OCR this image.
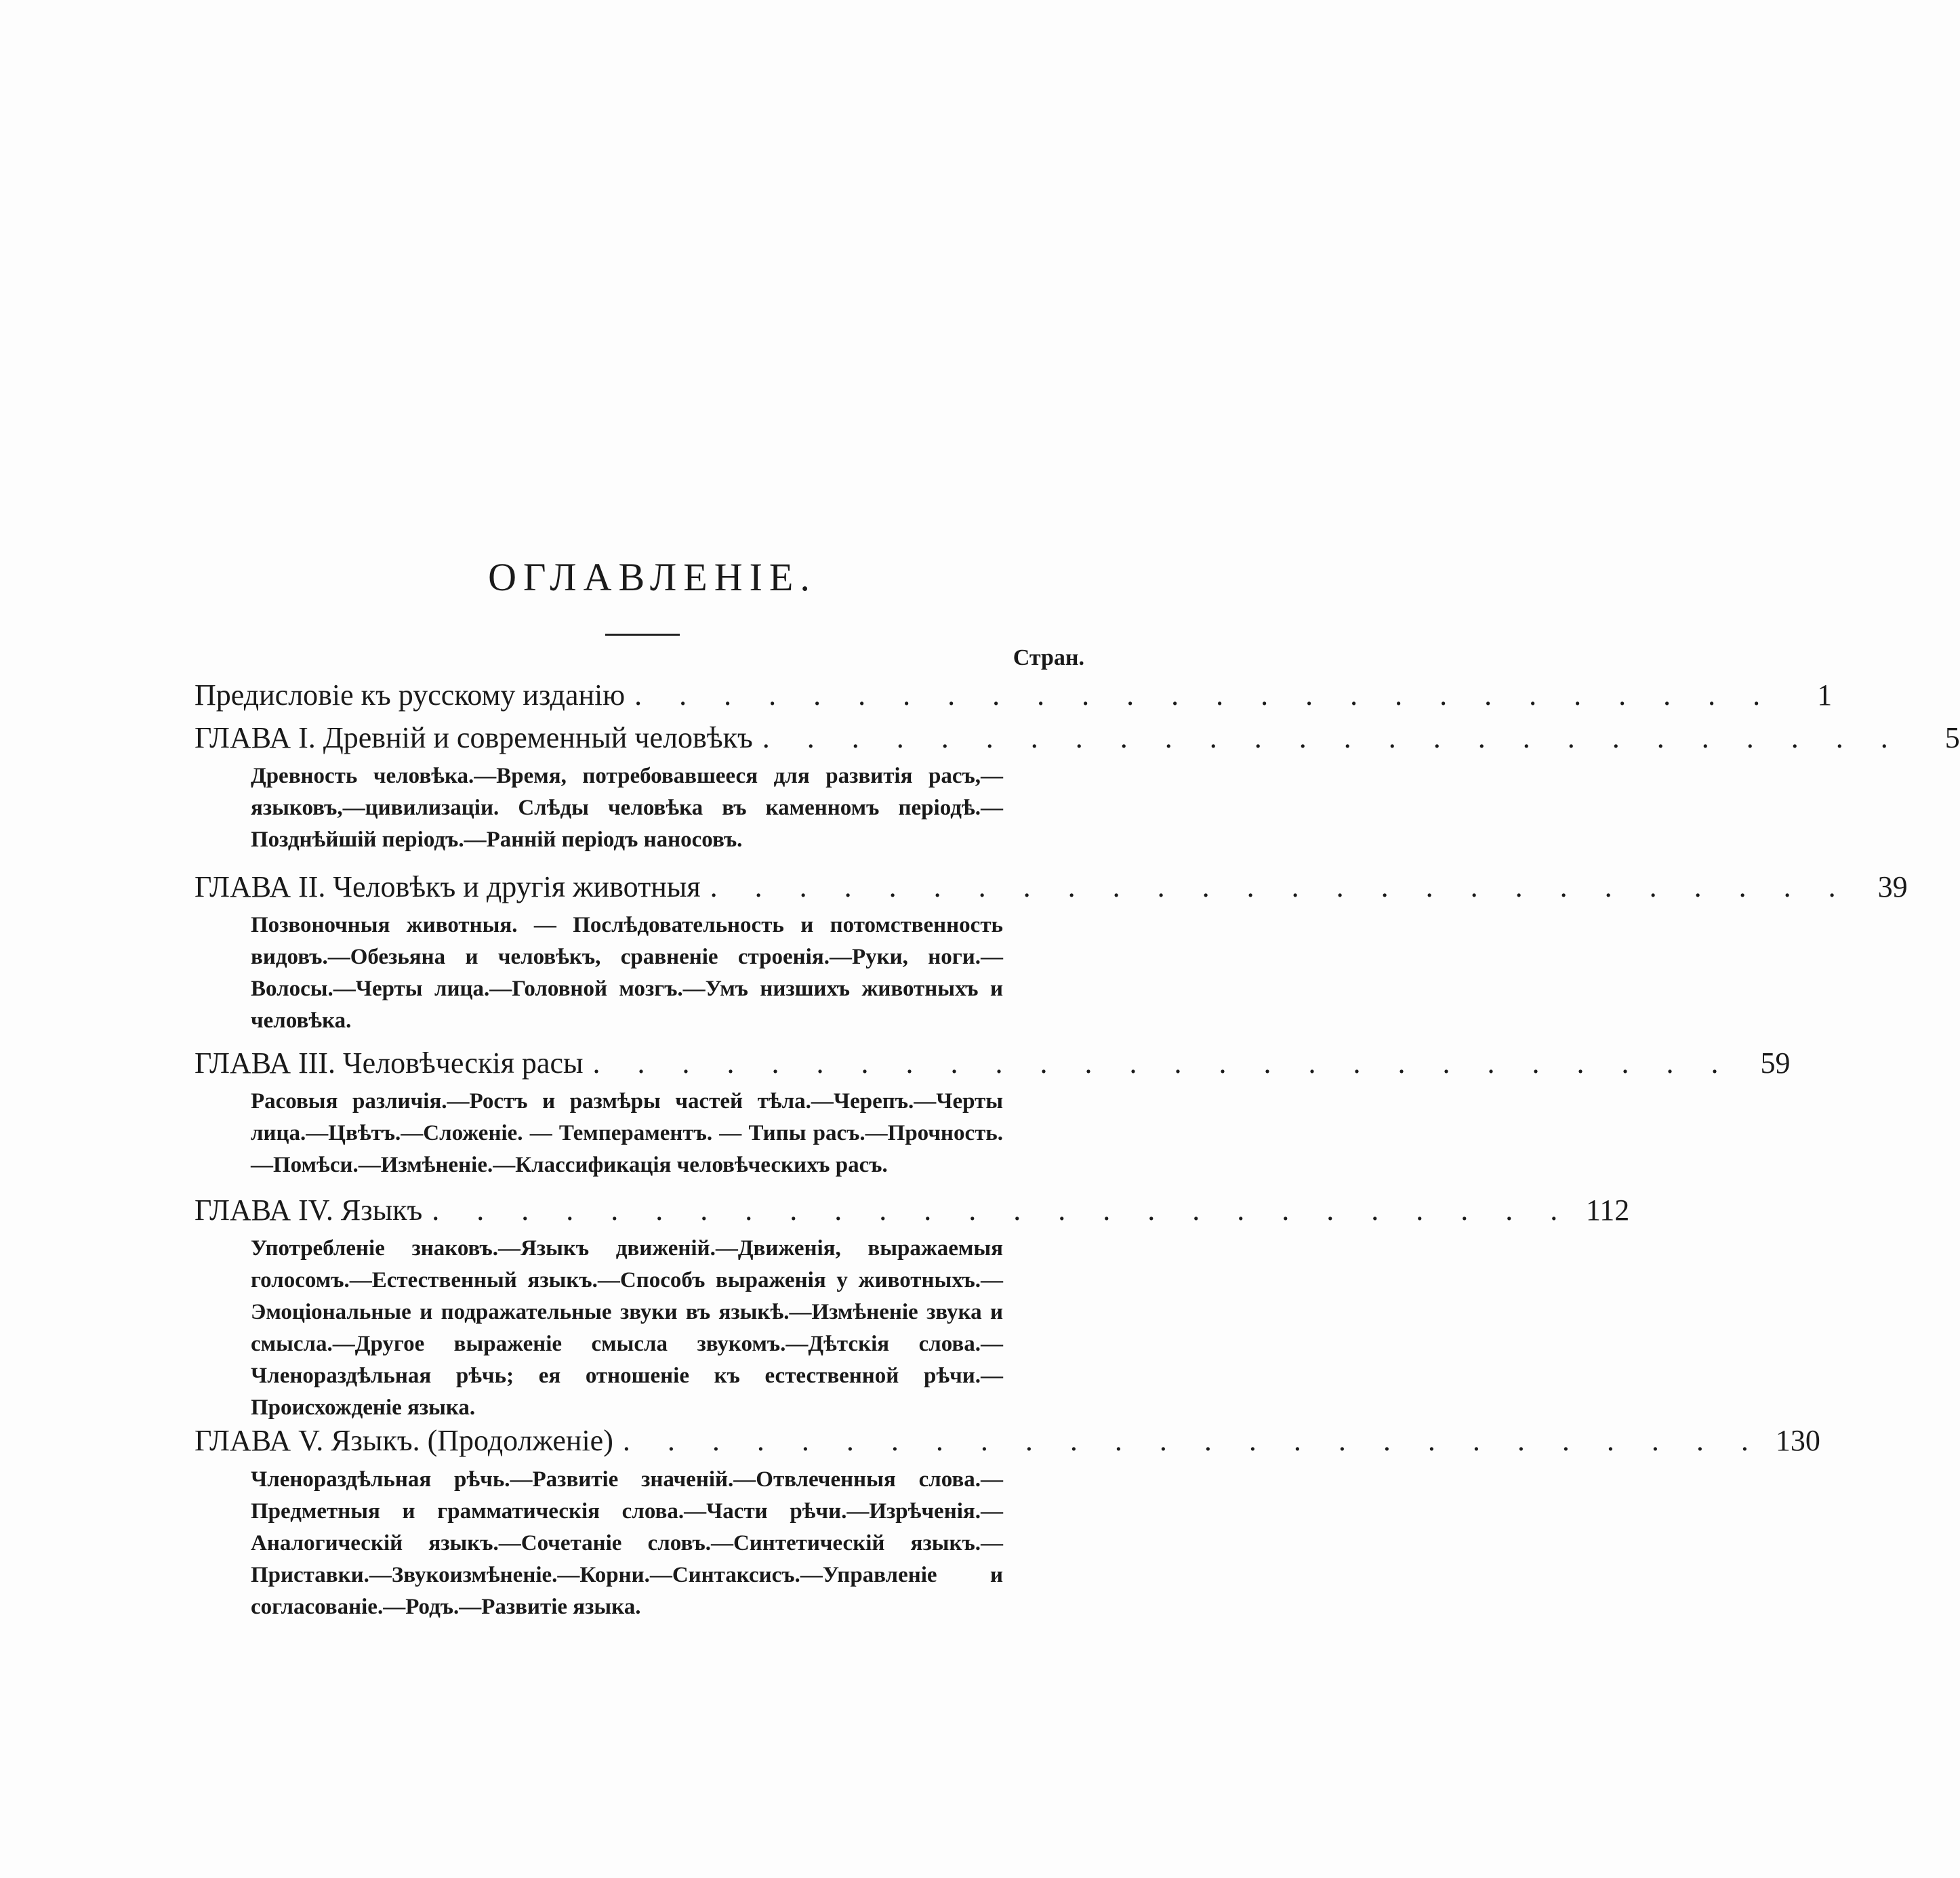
ОГЛАВЛЕНІЕ.
Стран.
Предисловіе къ русскому изданію . . . . . . . . . . . . . . . . . . . . . . . . . .	1
ГЛАВА I. Древній и современный человѣкъ . . . . . . . . . . . . . . . . . . . . . . . . . .	5
Древность человѣка.—Время, потребовавшееся для развитія расъ,—языковъ,—цивилизаціи. Слѣды человѣка въ каменномъ періодѣ.—Позднѣйшій періодъ.—Ранній періодъ наносовъ.
ГЛАВА II. Человѣкъ и другія животныя . . . . . . . . . . . . . . . . . . . . . . . . . . 39
Позвоночныя животныя. — Послѣдовательность и потомственность видовъ.—Обезьяна и человѣкъ, сравненіе строенія.—Руки, ноги.—Волосы.—Черты лица.—Головной мозгъ.—Умъ низшихъ животныхъ и человѣка.
ГЛАВА III. Человѣческія расы . . . . . . . . . . . . . . . . . . . . . . . . . . 59
Расовыя различія.—Ростъ и размѣры частей тѣла.—Черепъ.—Черты лица.—Цвѣтъ.—Сложеніе. — Темпераментъ. — Типы расъ.—Прочность.—Помѣси.—Измѣненіе.—Классификація человѣческихъ расъ.
ГЛАВА IV. Языкъ . . . . . . . . . . . . . . . . . . . . . . . . . . 112
Употребленіе знаковъ.—Языкъ движеній.—Движенія, выражаемыя голосомъ.—Естественный языкъ.—Способъ выраженія у животныхъ.—Эмоціональные и подражательные звуки въ языкѣ.—Измѣненіе звука и смысла.—Другое выраженіе смысла звукомъ.—Дѣтскія слова.—Членораздѣльная рѣчь; ея отношеніе къ естественной рѣчи.—Происхожденіе языка.
ГЛАВА V. Языкъ. (Продолженіе) . . . . . . . . . . . . . . . . . . . . . . . . . . 130
Членораздѣльная рѣчь.—Развитіе значеній.—Отвлеченныя слова.—Предметныя и грамматическія слова.—Части рѣчи.—Изрѣченія.—Аналогическій языкъ.—Сочетаніе словъ.—Синтетическій языкъ.—Приставки.—Звукоизмѣненіе.—Корни.—Синтаксисъ.—Управленіе и согласованіе.—Родъ.—Развитіе языка.
